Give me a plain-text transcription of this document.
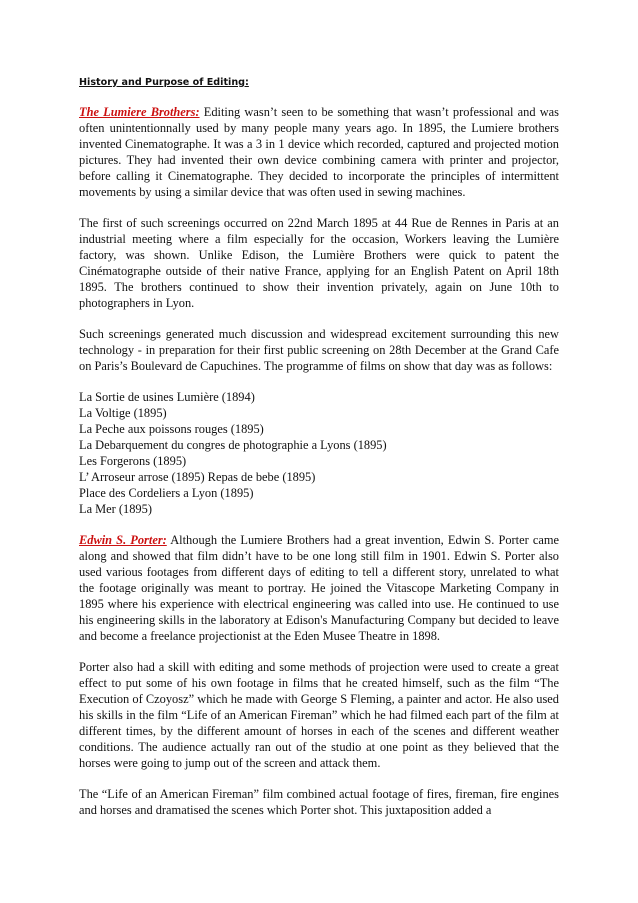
History and Purpose of Editing:

The Lumiere Brothers: Editing wasn’t seen to be something that wasn’t professional and was often unintentionnally used by many people many years ago. In 1895, the Lumiere brothers invented Cinematographe. It was a 3 in 1 device which recorded, captured and projected motion pictures. They had invented their own device combining camera with printer and projector, before calling it Cinematographe. They decided to incorporate the principles of intermittent movements by using a similar device that was often used in sewing machines.

The first of such screenings occurred on 22nd March 1895 at 44 Rue de Rennes in Paris at an industrial meeting where a film especially for the occasion, Workers leaving the Lumière factory, was shown. Unlike Edison, the Lumière Brothers were quick to patent the Cinématographe outside of their native France, applying for an English Patent on April 18th 1895. The brothers continued to show their invention privately, again on June 10th to photographers in Lyon.

Such screenings generated much discussion and widespread excitement surrounding this new technology - in preparation for their first public screening on 28th December at the Grand Cafe on Paris’s Boulevard de Capuchines. The programme of films on show that day was as follows:

La Sortie de usines Lumière (1894)
La Voltige (1895)
La Peche aux poissons rouges (1895)
La Debarquement du congres de photographie a Lyons (1895)
Les Forgerons (1895)
L’ Arroseur arrose (1895) Repas de bebe (1895)
Place des Cordeliers a Lyon (1895)
La Mer (1895)

Edwin S. Porter: Although the Lumiere Brothers had a great invention, Edwin S. Porter came along and showed that film didn’t have to be one long still film in 1901. Edwin S. Porter also used various footages from different days of editing to tell a different story, unrelated to what the footage originally was meant to portray. He joined the Vitascope Marketing Company in 1895 where his experience with electrical engineering was called into use. He continued to use his engineering skills in the laboratory at Edison's Manufacturing Company but decided to leave and become a freelance projectionist at the Eden Musee Theatre in 1898.

Porter also had a skill with editing and some methods of projection were used to create a great effect to put some of his own footage in films that he created himself, such as the film “The Execution of Czoyosz” which he made with George S Fleming, a painter and actor. He also used his skills in the film “Life of an American Fireman” which he had filmed each part of the film at different times, by the different amount of horses in each of the scenes and different weather conditions. The audience actually ran out of the studio at one point as they believed that the horses were going to jump out of the screen and attack them.

The “Life of an American Fireman” film combined actual footage of fires, fireman, fire engines and horses and dramatised the scenes which Porter shot. This juxtaposition added a
